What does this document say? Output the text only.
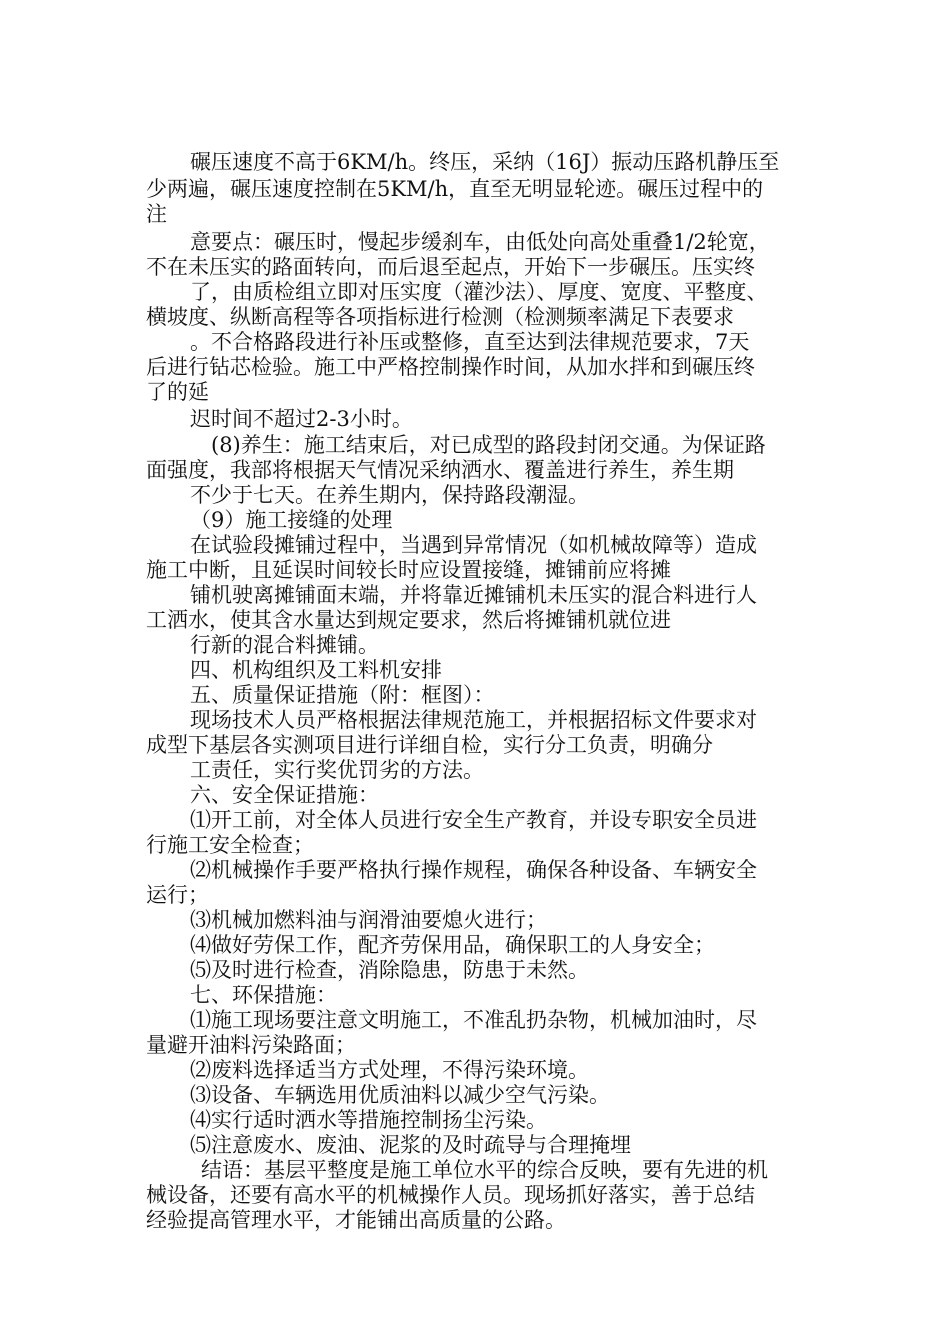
碾压速度不高于6KM/h。终压，采纳（16J）振动压路机静压至
少两遍，碾压速度控制在5KM/h，直至无明显轮迹。碾压过程中的
注
意要点：碾压时，慢起步缓刹车，由低处向高处重叠1/2轮宽，
不在未压实的路面转向，而后退至起点，开始下一步碾压。压实终
了，由质检组立即对压实度（灌沙法）、厚度、宽度、平整度、
横坡度、纵断高程等各项指标进行检测（检测频率满足下表要求
。不合格路段进行补压或整修，直至达到法律规范要求，7天
后进行钻芯检验。施工中严格控制操作时间，从加水拌和到碾压终
了的延
迟时间不超过2-3小时。
(8)养生：施工结束后，对已成型的路段封闭交通。为保证路
面强度，我部将根据天气情况采纳洒水、覆盖进行养生，养生期
不少于七天。在养生期内，保持路段潮湿。
（9）施工接缝的处理
在试验段摊铺过程中，当遇到异常情况（如机械故障等）造成
施工中断，且延误时间较长时应设置接缝，摊铺前应将摊
铺机驶离摊铺面末端，并将靠近摊铺机未压实的混合料进行人
工洒水，使其含水量达到规定要求，然后将摊铺机就位进
行新的混合料摊铺。
四、机构组织及工料机安排
五、质量保证措施（附：框图）：
现场技术人员严格根据法律规范施工，并根据招标文件要求对
成型下基层各实测项目进行详细自检，实行分工负责，明确分
工责任，实行奖优罚劣的方法。
六、安全保证措施：
⑴开工前，对全体人员进行安全生产教育，并设专职安全员进
行施工安全检查；
⑵机械操作手要严格执行操作规程，确保各种设备、车辆安全
运行；
⑶机械加燃料油与润滑油要熄火进行；
⑷做好劳保工作，配齐劳保用品，确保职工的人身安全；
⑸及时进行检查，消除隐患，防患于未然。
七、环保措施：
⑴施工现场要注意文明施工，不准乱扔杂物，机械加油时，尽
量避开油料污染路面；
⑵废料选择适当方式处理，不得污染环境。
⑶设备、车辆选用优质油料以减少空气污染。
⑷实行适时洒水等措施控制扬尘污染。
⑸注意废水、废油、泥浆的及时疏导与合理掩埋
结语：基层平整度是施工单位水平的综合反映，要有先进的机
械设备，还要有高水平的机械操作人员。现场抓好落实，善于总结
经验提高管理水平，才能铺出高质量的公路。
